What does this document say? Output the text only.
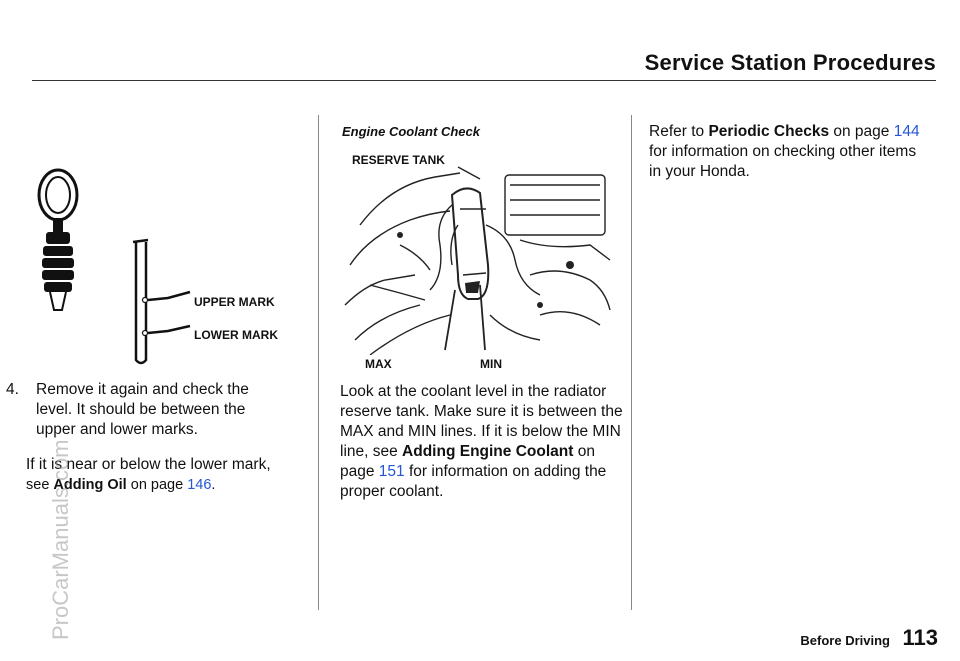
Service Station Procedures
UPPER MARK
LOWER MARK
4.	Remove it again and check the level. It should be between the upper and lower marks.
If it is near or below the lower mark,
see Adding Oil on page 146.
Engine Coolant Check
RESERVE TANK
MAX	MIN
Look at the coolant level in the radiator reserve tank. Make sure it is between the MAX and MIN lines. If it is below the MIN line, see Adding Engine Coolant on page 151 for information on adding the proper coolant.
Refer to Periodic Checks on page 144 for information on checking other items in your Honda.
Before Driving 113
ProCarManuals.com
